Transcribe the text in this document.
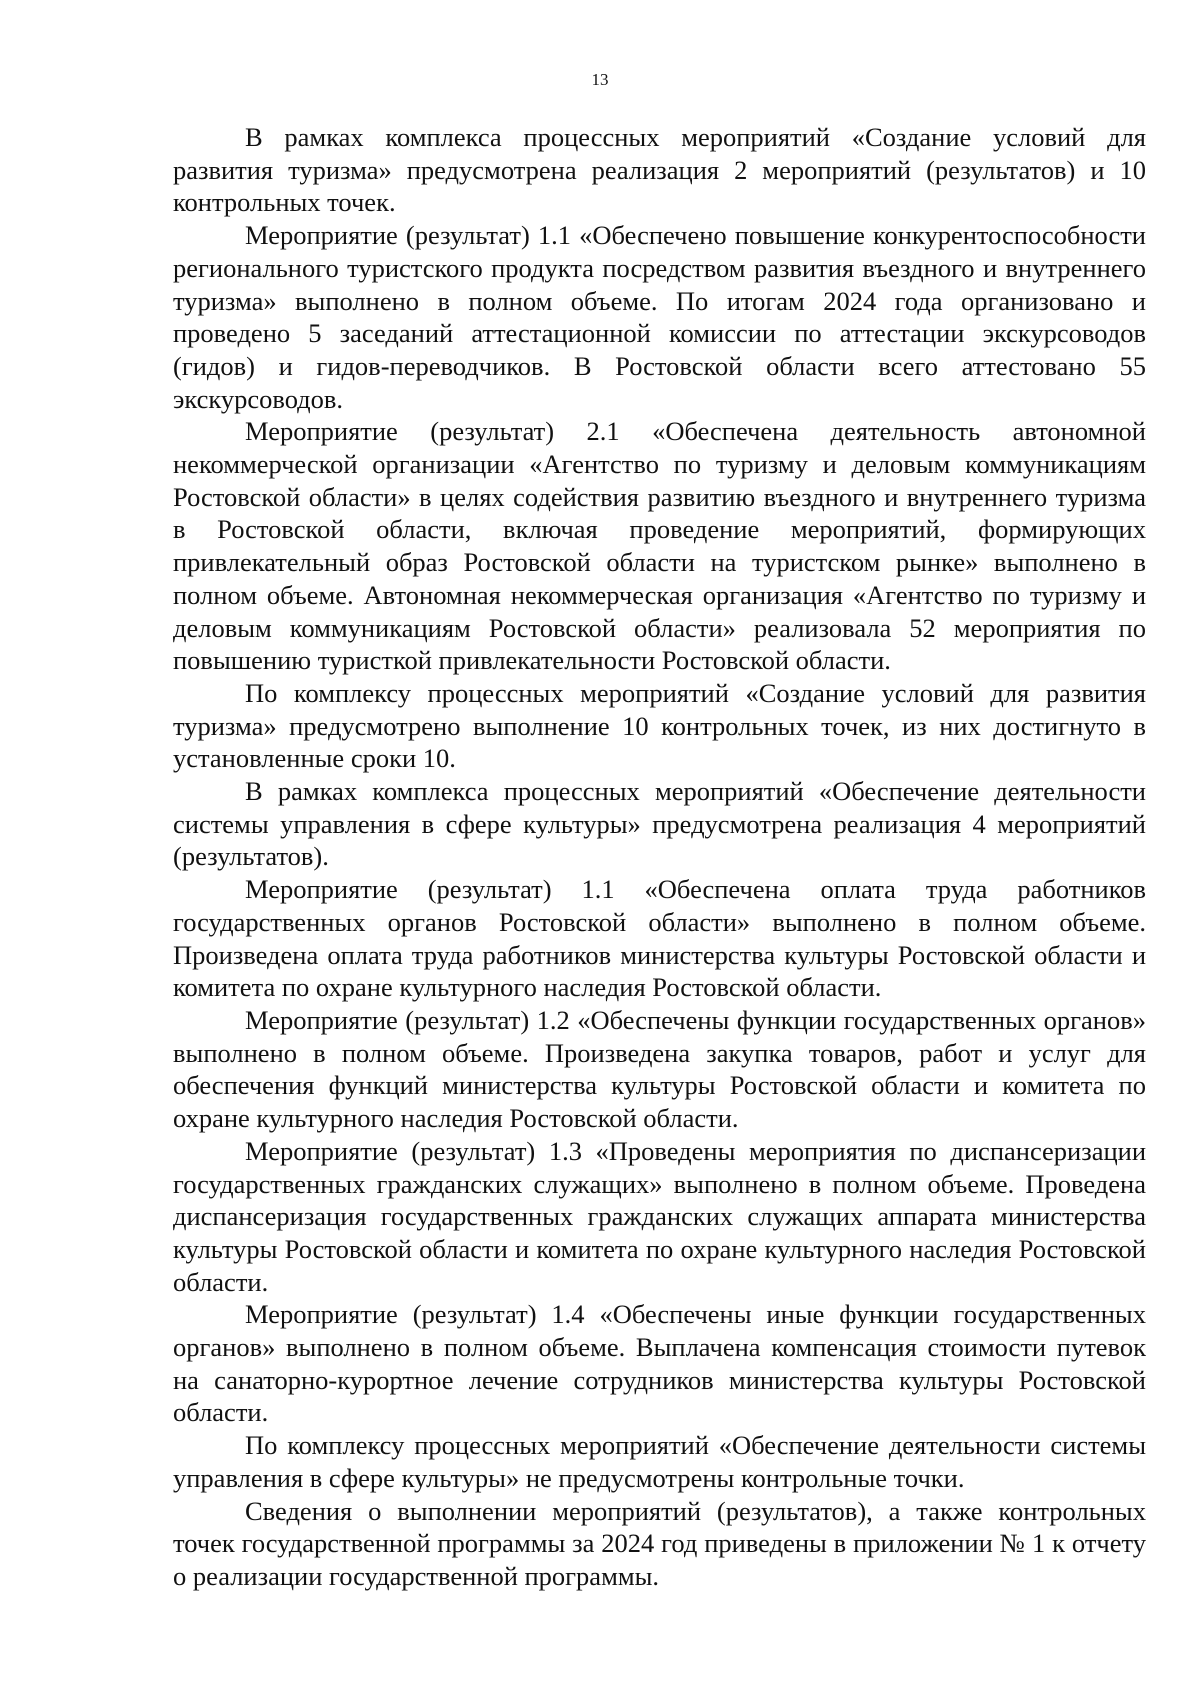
13

В рамках комплекса процессных мероприятий «Создание условий для развития туризма» предусмотрена реализация 2 мероприятий (результатов) и 10 контрольных точек.

Мероприятие (результат) 1.1 «Обеспечено повышение конкурентоспособности регионального туристского продукта посредством развития въездного и внутреннего туризма» выполнено в полном объеме. По итогам 2024 года организовано и проведено 5 заседаний аттестационной комиссии по аттестации экскурсоводов (гидов) и гидов-переводчиков. В Ростовской области всего аттестовано 55 экскурсоводов.

Мероприятие (результат) 2.1 «Обеспечена деятельность автономной некоммерческой организации «Агентство по туризму и деловым коммуникациям Ростовской области» в целях содействия развитию въездного и внутреннего туризма в Ростовской области, включая проведение мероприятий, формирующих привлекательный образ Ростовской области на туристском рынке» выполнено в полном объеме. Автономная некоммерческая организация «Агентство по туризму и деловым коммуникациям Ростовской области» реализовала 52 мероприятия по повышению туристкой привлекательности Ростовской области.

По комплексу процессных мероприятий «Создание условий для развития туризма» предусмотрено выполнение 10 контрольных точек, из них достигнуто в установленные сроки 10.

В рамках комплекса процессных мероприятий «Обеспечение деятельности системы управления в сфере культуры» предусмотрена реализация 4 мероприятий (результатов).

Мероприятие (результат) 1.1 «Обеспечена оплата труда работников государственных органов Ростовской области» выполнено в полном объеме. Произведена оплата труда работников министерства культуры Ростовской области и комитета по охране культурного наследия Ростовской области.

Мероприятие (результат) 1.2 «Обеспечены функции государственных органов» выполнено в полном объеме. Произведена закупка товаров, работ и услуг для обеспечения функций министерства культуры Ростовской области и комитета по охране культурного наследия Ростовской области.

Мероприятие (результат) 1.3 «Проведены мероприятия по диспансеризации государственных гражданских служащих» выполнено в полном объеме. Проведена диспансеризация государственных гражданских служащих аппарата министерства культуры Ростовской области и комитета по охране культурного наследия Ростовской области.

Мероприятие (результат) 1.4 «Обеспечены иные функции государственных органов» выполнено в полном объеме. Выплачена компенсация стоимости путевок на санаторно-курортное лечение сотрудников министерства культуры Ростовской области.

По комплексу процессных мероприятий «Обеспечение деятельности системы управления в сфере культуры» не предусмотрены контрольные точки.

Сведения о выполнении мероприятий (результатов), а также контрольных точек государственной программы за 2024 год приведены в приложении № 1 к отчету о реализации государственной программы.
